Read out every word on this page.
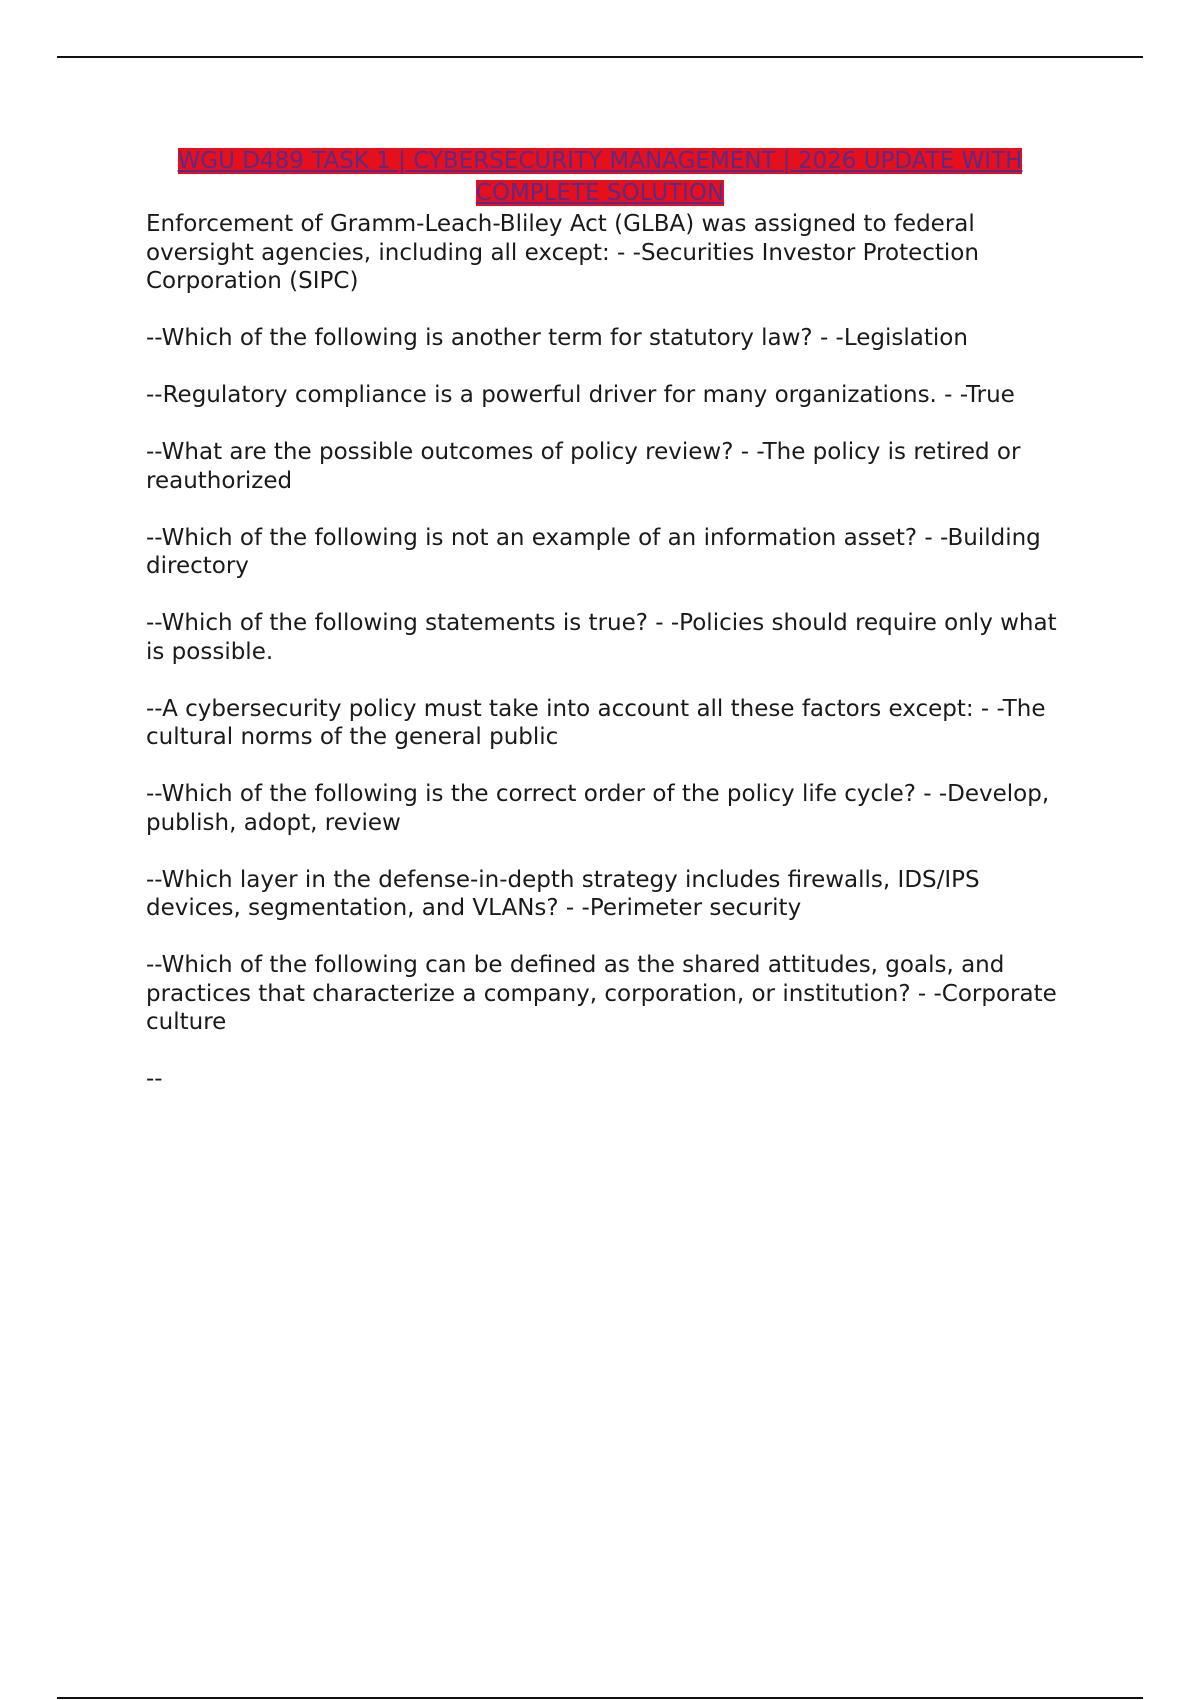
WGU D489 TASK 1 | CYBERSECURITY MANAGEMENT | 2026 UPDATE WITH COMPLETE SOLUTION

Enforcement of Gramm-Leach-Bliley Act (GLBA) was assigned to federal oversight agencies, including all except: - -Securities Investor Protection Corporation (SIPC)

--Which of the following is another term for statutory law? - -Legislation

--Regulatory compliance is a powerful driver for many organizations. - -True

--What are the possible outcomes of policy review? - -The policy is retired or reauthorized

--Which of the following is not an example of an information asset? - -Building directory

--Which of the following statements is true? - -Policies should require only what is possible.

--A cybersecurity policy must take into account all these factors except: - -The cultural norms of the general public

--Which of the following is the correct order of the policy life cycle? - -Develop, publish, adopt, review

--Which layer in the defense-in-depth strategy includes firewalls, IDS/IPS devices, segmentation, and VLANs? - -Perimeter security

--Which of the following can be defined as the shared attitudes, goals, and practices that characterize a company, corporation, or institution? - -Corporate culture

--
